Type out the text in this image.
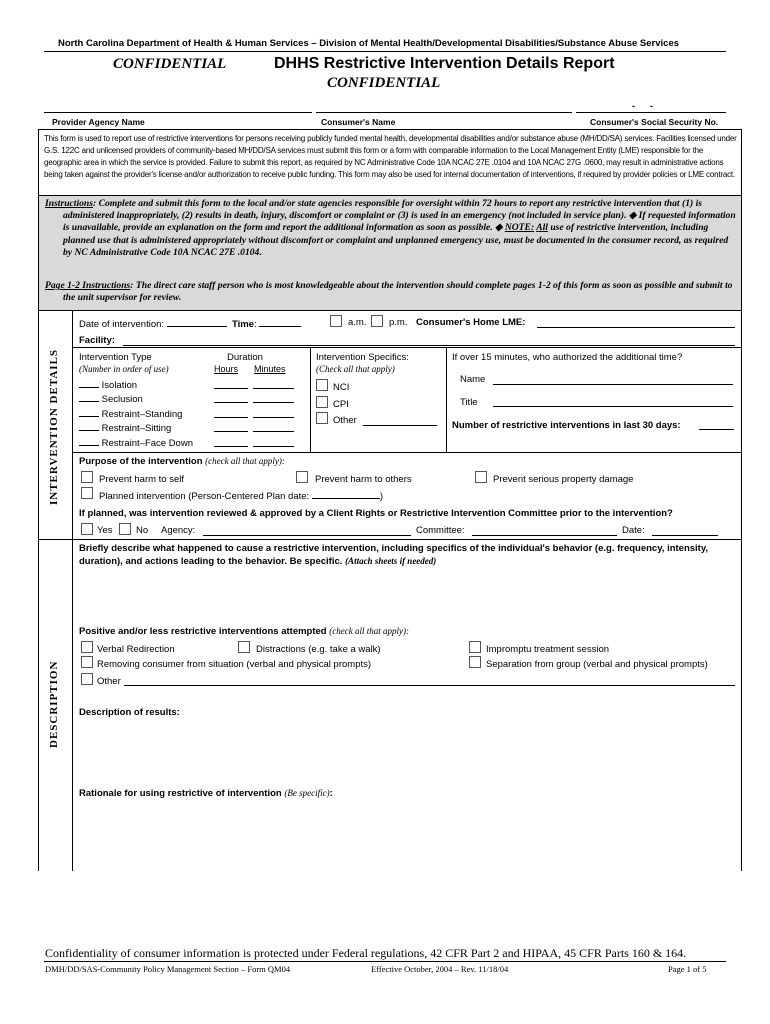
North Carolina Department of Health & Human Services – Division of Mental Health/Developmental Disabilities/Substance Abuse Services
CONFIDENTIAL	DHHS Restrictive Intervention Details Report
CONFIDENTIAL
-      -
Provider Agency Name	Consumer's Name	Consumer's Social Security No.
This form is used to report use of restrictive interventions for persons receiving publicly funded mental health, developmental disabilities and/or substance abuse (MH/DD/SA) services. Facilities licensed under G.S. 122C and unlicensed providers of community-based MH/DD/SA services must submit this form or a form with comparable information to the Local Management Entity (LME) responsible for the geographic area in which the service is provided. Failure to submit this report, as required by NC Administrative Code 10A NCAC 27E .0104 and 10A NCAC 27G .0600, may result in administrative actions being taken against the provider's license and/or authorization to receive public funding. This form may also be used for internal documentation of interventions, if required by provider policies or LME contract.
Instructions: Complete and submit this form to the local and/or state agencies responsible for oversight within 72 hours to report any restrictive intervention that (1) is administered inappropriately, (2) results in death, injury, discomfort or complaint or (3) is used in an emergency (not included in service plan). ◆ If requested information is unavailable, provide an explanation on the form and report the additional information as soon as possible. ◆ NOTE: All use of restrictive intervention, including planned use that is administered appropriately without discomfort or complaint and unplanned emergency use, must be documented in the consumer record, as required by NC Administrative Code 10A NCAC 27E .0104.
Page 1-2 Instructions: The direct care staff person who is most knowledgeable about the intervention should complete pages 1-2 of this form as soon as possible and submit to the unit supervisor for review.
INTERVENTION DETAILS
DESCRIPTION
Date of intervention:	Time:	a.m. p.m. Consumer's Home LME:
Facility:
Intervention Type
(Number in order of use)
Duration
Hours Minutes
Isolation
Seclusion
Restraint–Standing
Restraint–Sitting
Restraint–Face Down
Intervention Specifics:
(Check all that apply)
NCI
CPI
Other
If over 15 minutes, who authorized the additional time?
Name
Title
Number of restrictive interventions in last 30 days:
Purpose of the intervention (check all that apply):
Prevent harm to self	Prevent harm to others	Prevent serious property damage
Planned intervention (Person-Centered Plan date:	)
If planned, was intervention reviewed & approved by a Client Rights or Restrictive Intervention Committee prior to the intervention?
Yes No Agency:	Committee:	Date:
Briefly describe what happened to cause a restrictive intervention, including specifics of the individual's behavior (e.g. frequency, intensity, duration), and actions leading to the behavior. Be specific. (Attach sheets if needed)
Positive and/or less restrictive interventions attempted (check all that apply):
Verbal Redirection	Distractions (e.g. take a walk)	Impromptu treatment session
Removing consumer from situation (verbal and physical prompts)	Separation from group (verbal and physical prompts)
Other
Description of results:
Rationale for using restrictive of intervention (Be specific):
Confidentiality of consumer information is protected under Federal regulations, 42 CFR Part 2 and HIPAA, 45 CFR Parts 160 & 164.
DMH/DD/SAS-Community Policy Management Section – Form QM04	Effective October, 2004 – Rev. 11/18/04	Page 1 of 5
